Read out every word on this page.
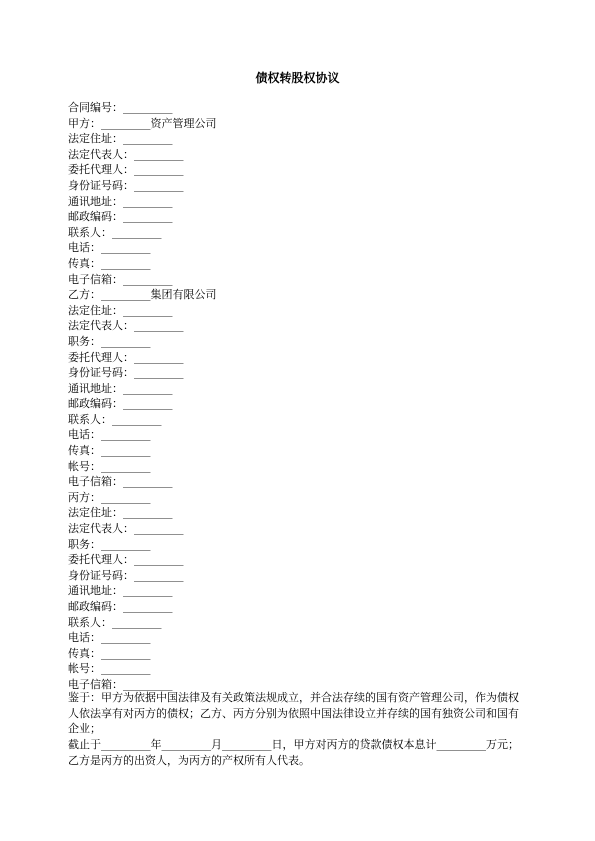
债权转股权协议
合同编号：_________
甲方：_________资产管理公司
法定住址：_________
法定代表人：_________
委托代理人：_________
身份证号码：_________
通讯地址：_________
邮政编码：_________
联系人：_________
电话：_________
传真：_________
电子信箱：_________
乙方：_________集团有限公司
法定住址：_________
法定代表人：_________
职务：_________
委托代理人：_________
身份证号码：_________
通讯地址：_________
邮政编码：_________
联系人：_________
电话：_________
传真：_________
帐号：_________
电子信箱：_________
丙方：_________
法定住址：_________
法定代表人：_________
职务：_________
委托代理人：_________
身份证号码：_________
通讯地址：_________
邮政编码：_________
联系人：_________
电话：_________
传真：_________
帐号：_________
电子信箱：_________
鉴于：甲方为依据中国法律及有关政策法规成立，并合法存续的国有资产管理公司，作为债权人依法享有对丙方的债权；乙方、丙方分别为依照中国法律设立并存续的国有独资公司和国有企业；
截止于_________年_________月_________日，甲方对丙方的贷款债权本息计_________万元；乙方是丙方的出资人，为丙方的产权所有人代表。
